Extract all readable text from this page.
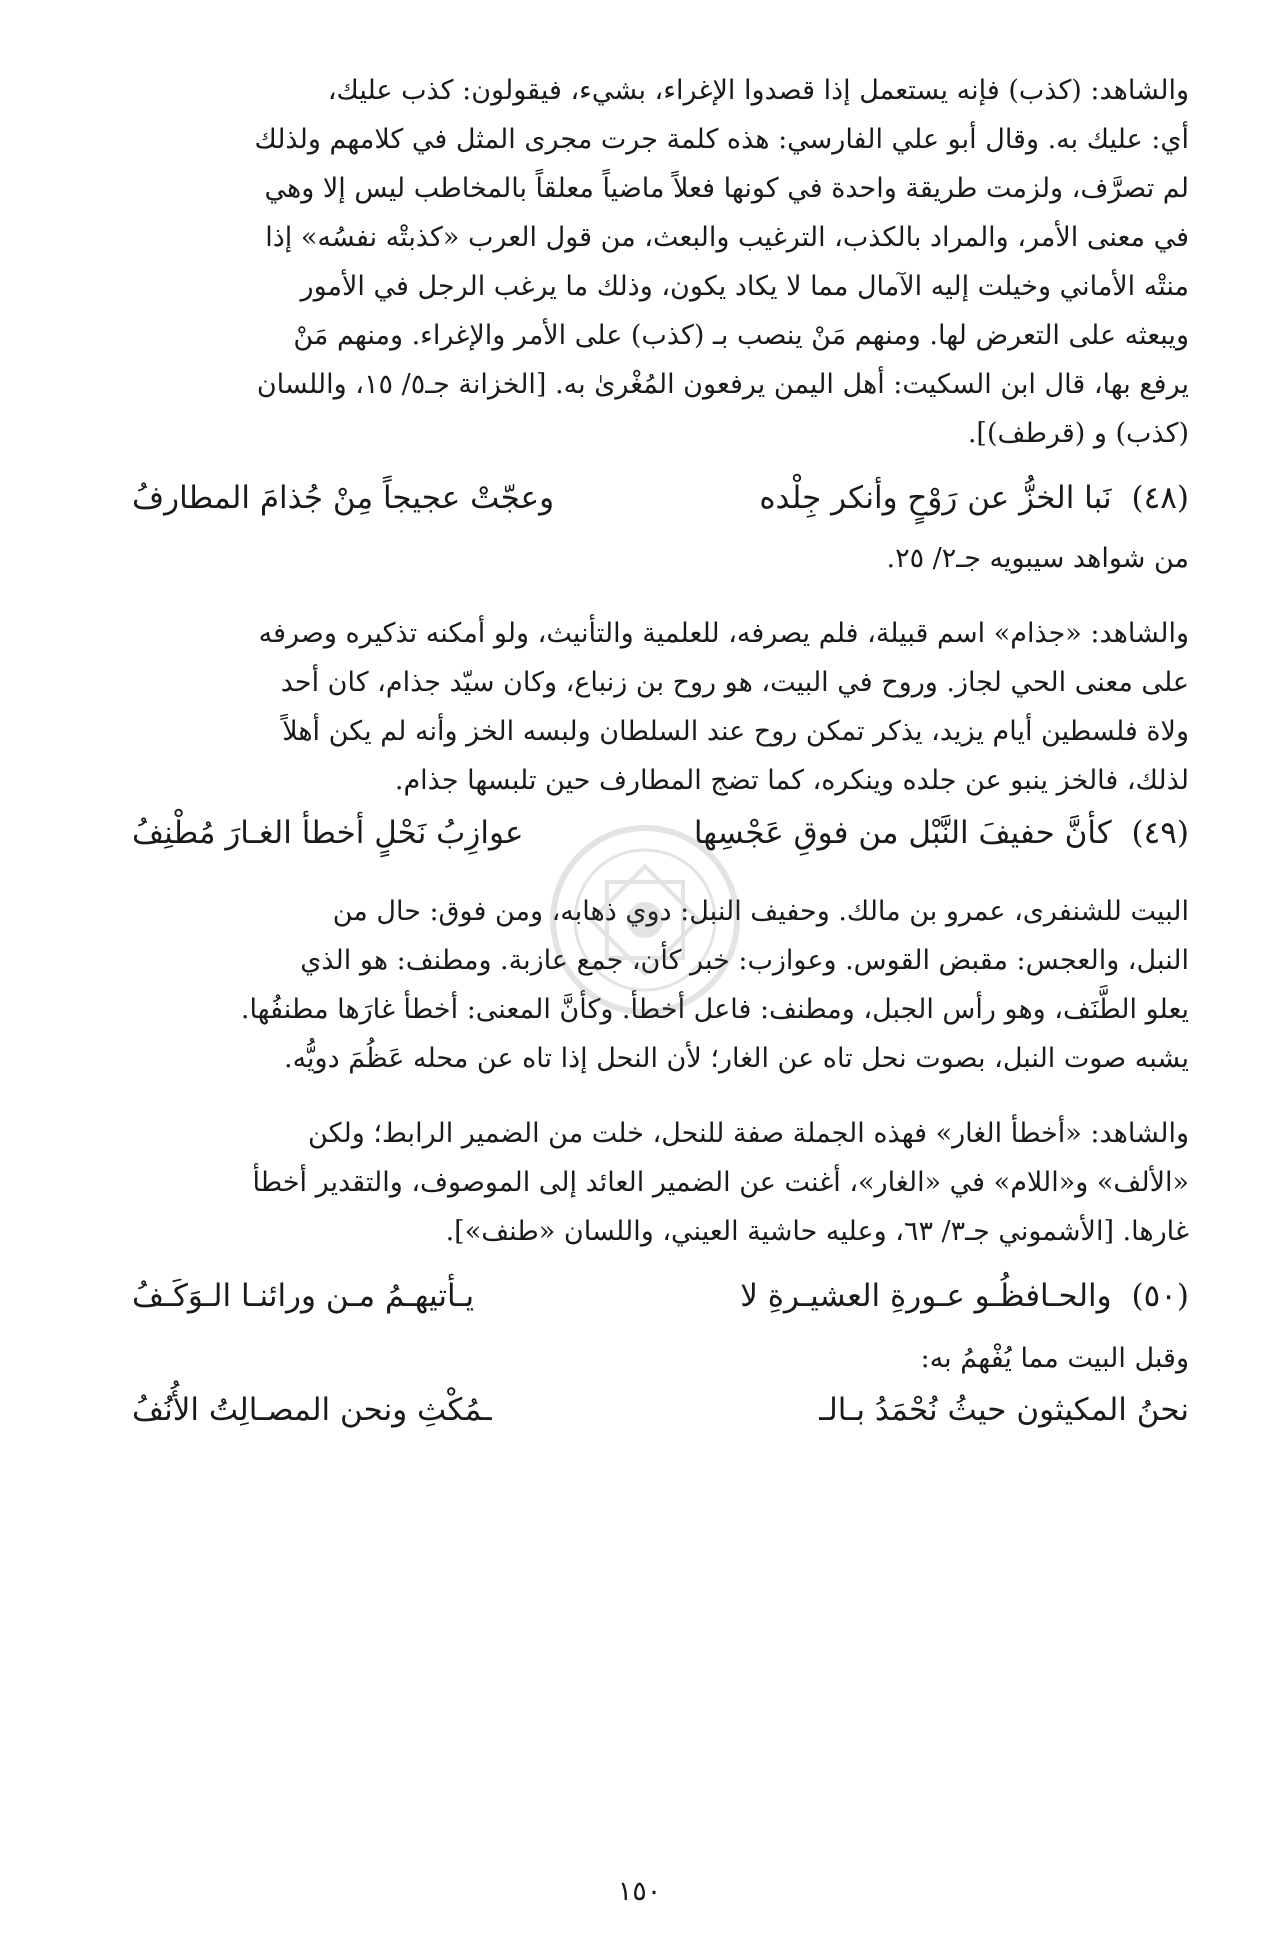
والشاهد: (كذب) فإنه يستعمل إذا قصدوا الإغراء، بشيء، فيقولون: كذب عليك،

أي: عليك به. وقال أبو علي الفارسي: هذه كلمة جرت مجرى المثل في كلامهم ولذلك

لم تصرَّف، ولزمت طريقة واحدة في كونها فعلاً ماضياً معلقاً بالمخاطب ليس إلا وهي

في معنى الأمر، والمراد بالكذب، الترغيب والبعث، من قول العرب «كذبتْه نفسُه» إذا

منتْه الأماني وخيلت إليه الآمال مما لا يكاد يكون، وذلك ما يرغب الرجل في الأمور

ويبعثه على التعرض لها. ومنهم مَنْ ينصب بـ (كذب) على الأمر والإغراء. ومنهم مَنْ

يرفع بها، قال ابن السكيت: أهل اليمن يرفعون المُغْرىٰ به. [الخزانة جـ٥/ ١٥، واللسان

(كذب) و (قرطف)].

(٤٨) نَبا الخزُّ عن رَوْحٍ وأنكر جِلْده
وعجّتْ عجيجاً مِنْ جُذامَ المطارفُ

من شواهد سيبويه جـ٢/ ٢٥.

والشاهد: «جذام» اسم قبيلة، فلم يصرفه، للعلمية والتأنيث، ولو أمكنه تذكيره وصرفه

على معنى الحي لجاز. وروح في البيت، هو روح بن زنباع، وكان سيّد جذام، كان أحد

ولاة فلسطين أيام يزيد، يذكر تمكن روح عند السلطان ولبسه الخز وأنه لم يكن أهلاً

لذلك، فالخز ينبو عن جلده وينكره، كما تضج المطارف حين تلبسها جذام.

(٤٩) كأنَّ حفيفَ النَّبْل من فوقِ عَجْسِها
عوازِبُ نَحْلٍ أخطأ الغـارَ مُطْنِفُ

البيت للشنفرى، عمرو بن مالك. وحفيف النبل: دوي ذهابه، ومن فوق: حال من

النبل، والعجس: مقبض القوس. وعوازب: خبر كأن، جمع عازبة. ومطنف: هو الذي

يعلو الطَّنَف، وهو رأس الجبل، ومطنف: فاعل أخطأ. وكأنَّ المعنى: أخطأ غارَها مطنفُها.

يشبه صوت النبل، بصوت نحل تاه عن الغار؛ لأن النحل إذا تاه عن محله عَظُمَ دويُّه.

والشاهد: «أخطأ الغار» فهذه الجملة صفة للنحل، خلت من الضمير الرابط؛ ولكن

«الألف» و«اللام» في «الغار»، أغنت عن الضمير العائد إلى الموصوف، والتقدير أخطأ

غارها. [الأشموني جـ٣/ ٦٣، وعليه حاشية العيني، واللسان «طنف»].

(٥٠) والحـافظُـو عـورةِ العشيـرةِ لا
يـأتيهـمُ مـن ورائنـا الـوَكَـفُ

وقبل البيت مما يُفْهمُ به:

نحنُ المكيثون حيثُ نُحْمَدُ بـالـ
ـمُكْثِ ونحن المصـالِتُ الأُنُفُ
١٥٠
